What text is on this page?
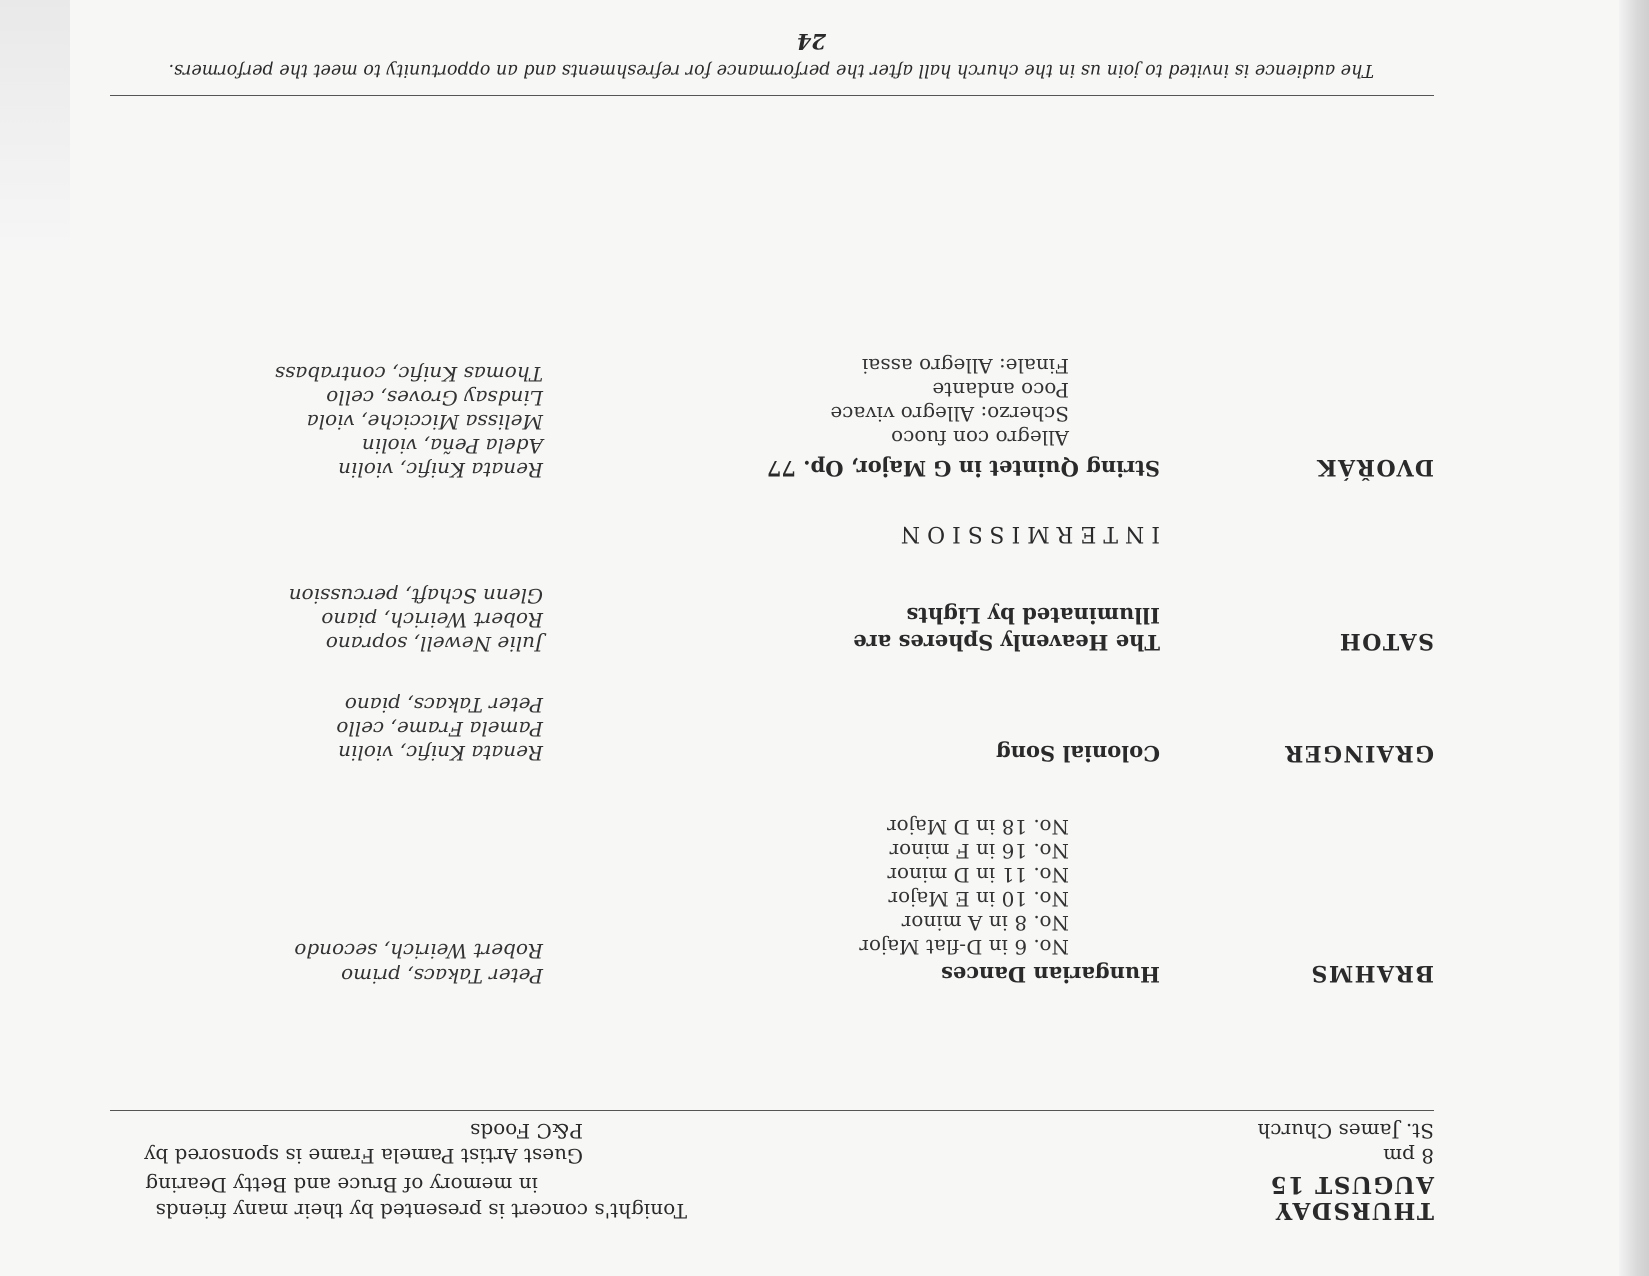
THURSDAY
AUGUST 15
8 pm
St. James Church
Tonight's concert is presented by their many friends
in memory of Bruce and Betty Dearing
Guest Artist Pamela Frame is sponsored by
P&C Foods
BRAHMS
Hungarian Dances
No. 6 in D-flat Major
No. 8 in A minor
No. 10 in E Major
No. 11 in D minor
No. 16 in F minor
No. 18 in D Major
Peter Takacs, primo
Robert Weirich, secondo
GRAINGER
Colonial Song
Renata Knific, violin
Pamela Frame, cello
Peter Takacs, piano
SATOH
The Heavenly Spheres are
Illuminated by Lights
Julie Newell, soprano
Robert Weirich, piano
Glenn Schaft, percussion
INTERMISSION
DVOŘÁK
String Quintet in G Major, Op. 77
Allegro con fuoco
Scherzo: Allegro vivace
Poco andante
Finale: Allegro assai
Renata Knific, violin
Adela Peña, violin
Melissa Micciche, viola
Lindsay Groves, cello
Thomas Knific, contrabass
The audience is invited to join us in the church hall after the performance for refreshments and an opportunity to meet the performers.
24
